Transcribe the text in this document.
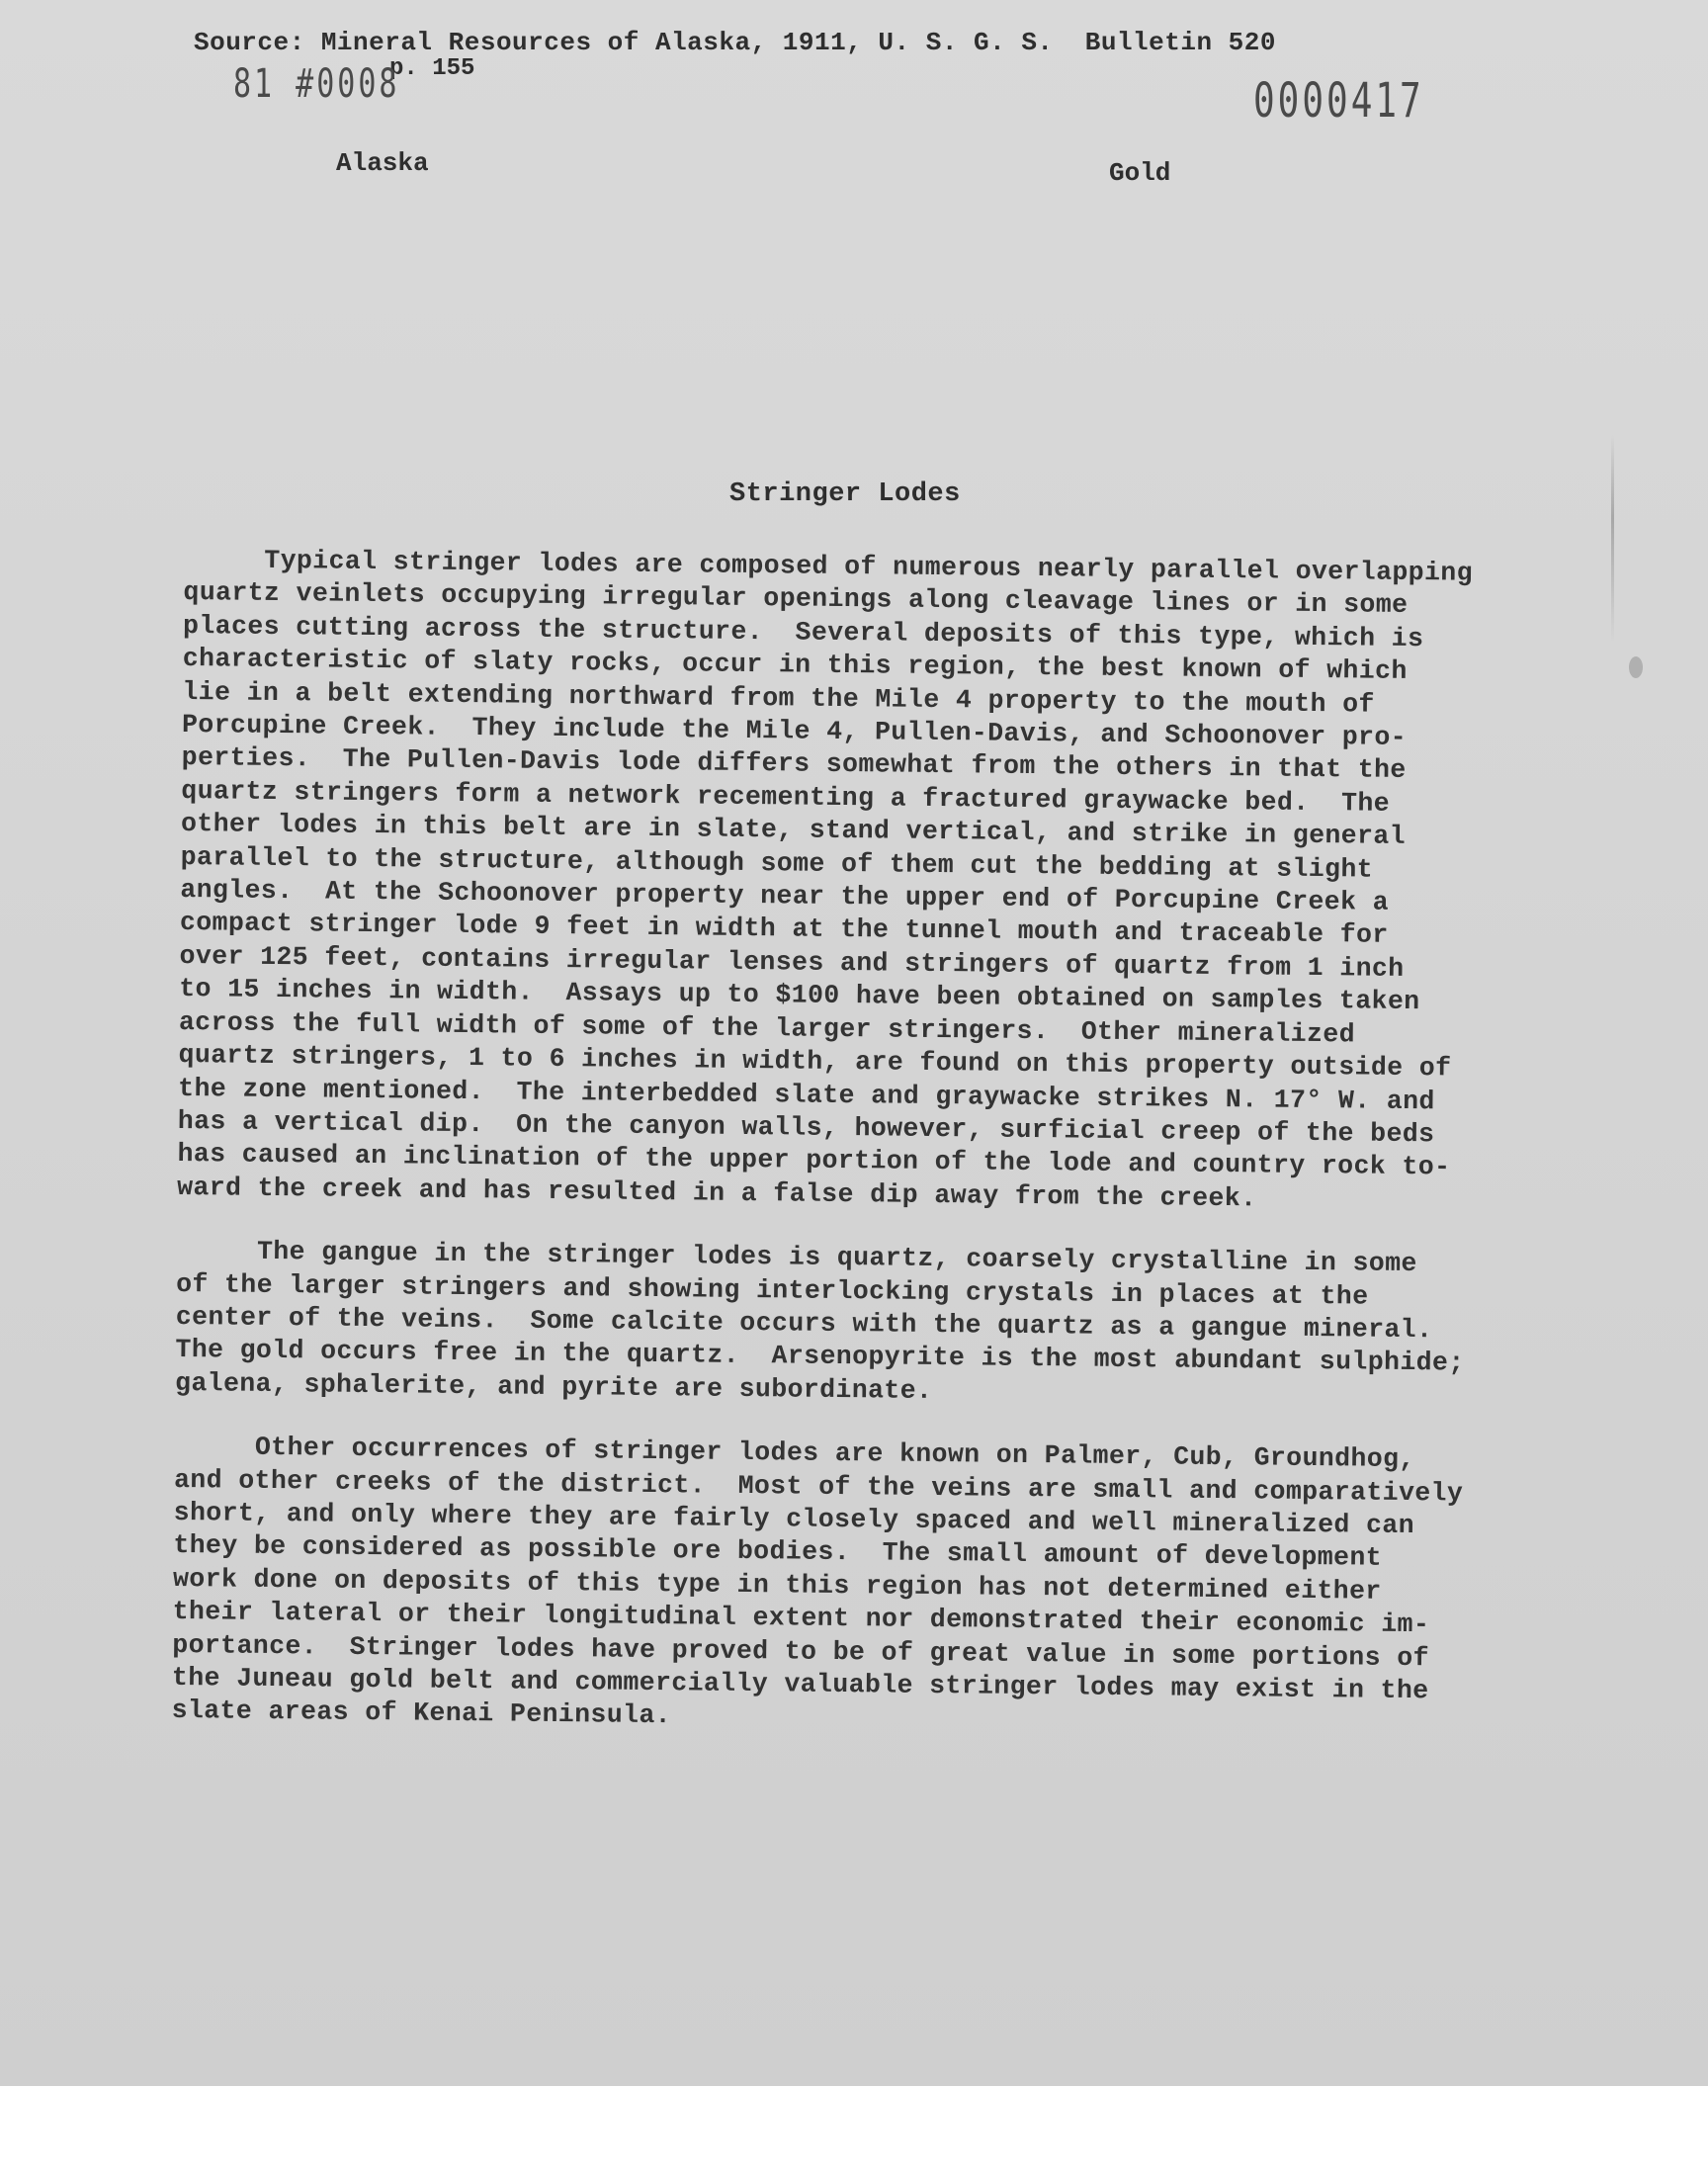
Source: Mineral Resources of Alaska, 1911, U. S. G. S.  Bulletin 520

p. 155

81 #0008	0000417

Alaska	Gold

Stringer Lodes

Typical stringer lodes are composed of numerous nearly parallel overlapping
quartz veinlets occupying irregular openings along cleavage lines or in some
places cutting across the structure.  Several deposits of this type, which is
characteristic of slaty rocks, occur in this region, the best known of which
lie in a belt extending northward from the Mile 4 property to the mouth of
Porcupine Creek.  They include the Mile 4, Pullen-Davis, and Schoonover pro-
perties.  The Pullen-Davis lode differs somewhat from the others in that the
quartz stringers form a network recementing a fractured graywacke bed.  The
other lodes in this belt are in slate, stand vertical, and strike in general
parallel to the structure, although some of them cut the bedding at slight
angles.  At the Schoonover property near the upper end of Porcupine Creek a
compact stringer lode 9 feet in width at the tunnel mouth and traceable for
over 125 feet, contains irregular lenses and stringers of quartz from 1 inch
to 15 inches in width.  Assays up to $100 have been obtained on samples taken
across the full width of some of the larger stringers.  Other mineralized
quartz stringers, 1 to 6 inches in width, are found on this property outside of
the zone mentioned.  The interbedded slate and graywacke strikes N. 17° W. and
has a vertical dip.  On the canyon walls, however, surficial creep of the beds
has caused an inclination of the upper portion of the lode and country rock to-
ward the creek and has resulted in a false dip away from the creek.
The gangue in the stringer lodes is quartz, coarsely crystalline in some
of the larger stringers and showing interlocking crystals in places at the
center of the veins.  Some calcite occurs with the quartz as a gangue mineral.
The gold occurs free in the quartz.  Arsenopyrite is the most abundant sulphide;
galena, sphalerite, and pyrite are subordinate.
Other occurrences of stringer lodes are known on Palmer, Cub, Groundhog,
and other creeks of the district.  Most of the veins are small and comparatively
short, and only where they are fairly closely spaced and well mineralized can
they be considered as possible ore bodies.  The small amount of development
work done on deposits of this type in this region has not determined either
their lateral or their longitudinal extent nor demonstrated their economic im-
portance.  Stringer lodes have proved to be of great value in some portions of
the Juneau gold belt and commercially valuable stringer lodes may exist in the
slate areas of Kenai Peninsula.
